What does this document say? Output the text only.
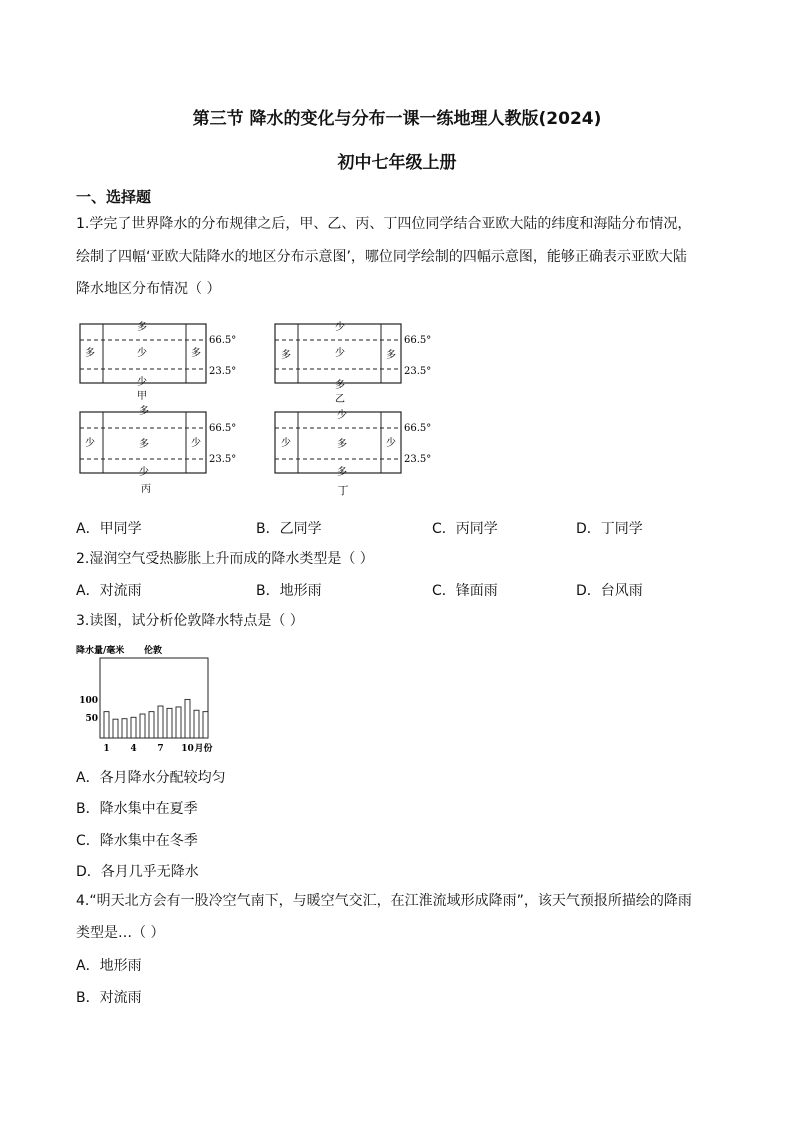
第三节 降水的变化与分布一课一练地理人教版(2024)
初中七年级上册
一、选择题
1.学完了世界降水的分布规律之后，甲、乙、丙、丁四位同学结合亚欧大陆的纬度和海陆分布情况，
绘制了四幅‘亚欧大陆降水的地区分布示意图’，哪位同学绘制的四幅示意图，能够正确表示亚欧大陆
降水地区分布情况（ ）
多
少
少
多	多
66.5°
23.5°
甲
少
少
多
多	多
66.5°
23.5°
乙
多
多
少
少	少
66.5°
23.5°
丙
少
多
多
少	少
66.5°
23.5°
丁
A．甲同学	B．乙同学	C．丙同学	D．丁同学
2.湿润空气受热膨胀上升而成的降水类型是（ ）
A．对流雨	B．地形雨	C．锋面雨	D．台风雨
3.读图，试分析伦敦降水特点是（ ）
降水量/毫米 伦敦
100
50
1 4 7 10 月份
A．各月降水分配较均匀
B．降水集中在夏季
C．降水集中在冬季
D．各月几乎无降水
4.“明天北方会有一股冷空气南下，与暖空气交汇，在江淮流域形成降雨”，该天气预报所描绘的降雨
类型是…（ ）
A．地形雨
B．对流雨
